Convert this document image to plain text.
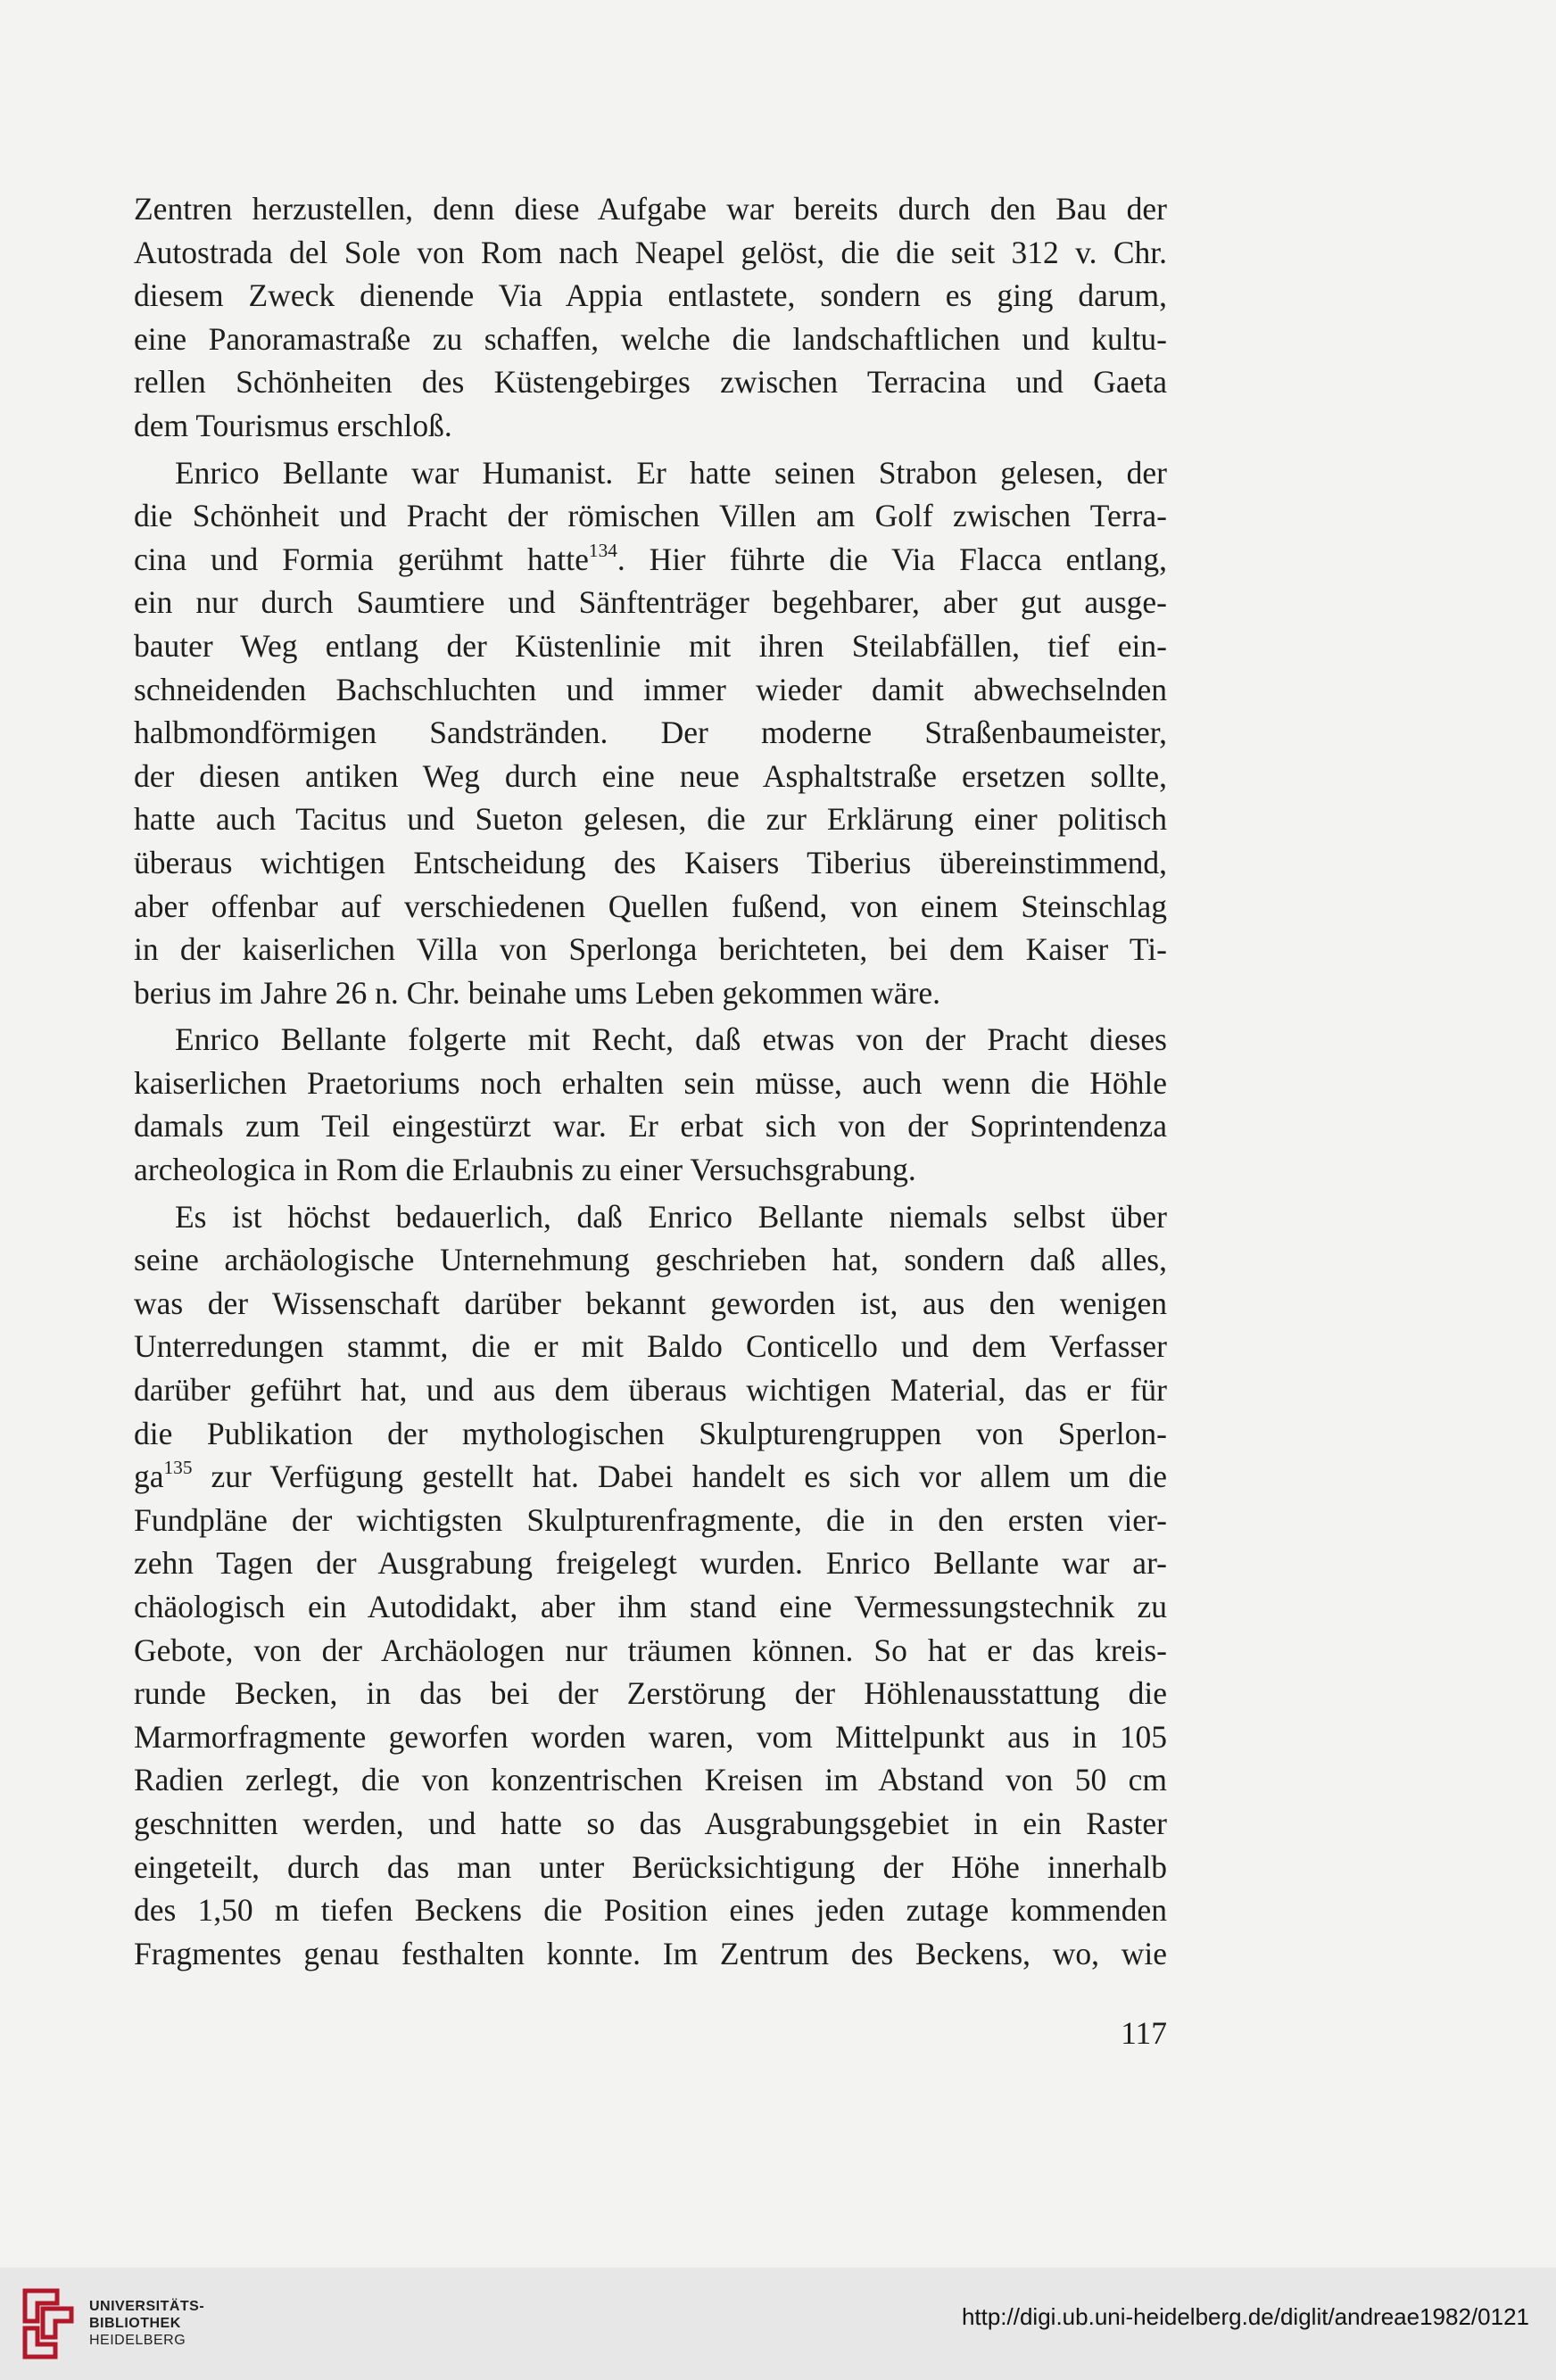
Zentren herzustellen, denn diese Aufgabe war bereits durch den Bau der
Autostrada del Sole von Rom nach Neapel gelöst, die die seit 312 v. Chr.
diesem Zweck dienende Via Appia entlastete, sondern es ging darum,
eine Panoramastraße zu schaffen, welche die landschaftlichen und kultu-
rellen Schönheiten des Küstengebirges zwischen Terracina und Gaeta
dem Tourismus erschloß.
Enrico Bellante war Humanist. Er hatte seinen Strabon gelesen, der
die Schönheit und Pracht der römischen Villen am Golf zwischen Terra-
cina und Formia gerühmt hatte$^{134}$. Hier führte die Via Flacca entlang,
ein nur durch Saumtiere und Sänftenträger begehbarer, aber gut ausge-
bauter Weg entlang der Küstenlinie mit ihren Steilabfällen, tief ein-
schneidenden Bachschluchten und immer wieder damit abwechselnden
halbmondförmigen Sandstränden. Der moderne Straßenbaumeister,
der diesen antiken Weg durch eine neue Asphaltstraße ersetzen sollte,
hatte auch Tacitus und Sueton gelesen, die zur Erklärung einer politisch
überaus wichtigen Entscheidung des Kaisers Tiberius übereinstimmend,
aber offenbar auf verschiedenen Quellen fußend, von einem Steinschlag
in der kaiserlichen Villa von Sperlonga berichteten, bei dem Kaiser Ti-
berius im Jahre 26 n. Chr. beinahe ums Leben gekommen wäre.
Enrico Bellante folgerte mit Recht, daß etwas von der Pracht dieses
kaiserlichen Praetoriums noch erhalten sein müsse, auch wenn die Höhle
damals zum Teil eingestürzt war. Er erbat sich von der Soprintendenza
archeologica in Rom die Erlaubnis zu einer Versuchsgrabung.
Es ist höchst bedauerlich, daß Enrico Bellante niemals selbst über
seine archäologische Unternehmung geschrieben hat, sondern daß alles,
was der Wissenschaft darüber bekannt geworden ist, aus den wenigen
Unterredungen stammt, die er mit Baldo Conticello und dem Verfasser
darüber geführt hat, und aus dem überaus wichtigen Material, das er für
die Publikation der mythologischen Skulpturengruppen von Sperlon-
$ga^{135}$ zur Verfügung gestellt hat. Dabei handelt es sich vor allem um die
Fundpläne der wichtigsten Skulpturenfragmente, die in den ersten vier-
zehn Tagen der Ausgrabung freigelegt wurden. Enrico Bellante war ar-
chäologisch ein Autodidakt, aber ihm stand eine Vermessungstechnik zu
Gebote, von der Archäologen nur träumen können. So hat er das kreis-
runde Becken, in das bei der Zerstörung der Höhlenausstattung die
Marmorfragmente geworfen worden waren, vom Mittelpunkt aus in 105
Radien zerlegt, die von konzentrischen Kreisen im Abstand von 50 cm
geschnitten werden, und hatte so das Ausgrabungsgebiet in ein Raster
eingeteilt, durch das man unter Berücksichtigung der Höhe innerhalb
des 1,50 m tiefen Beckens die Position eines jeden zutage kommenden
Fragmentes genau festhalten konnte. Im Zentrum des Beckens, wo, wie
117
UNIVERSITÄTS-
BIBLIOTHEK
HEIDELBERG
http://digi.ub.uni-heidelberg.de/diglit/andreae1982/0121
